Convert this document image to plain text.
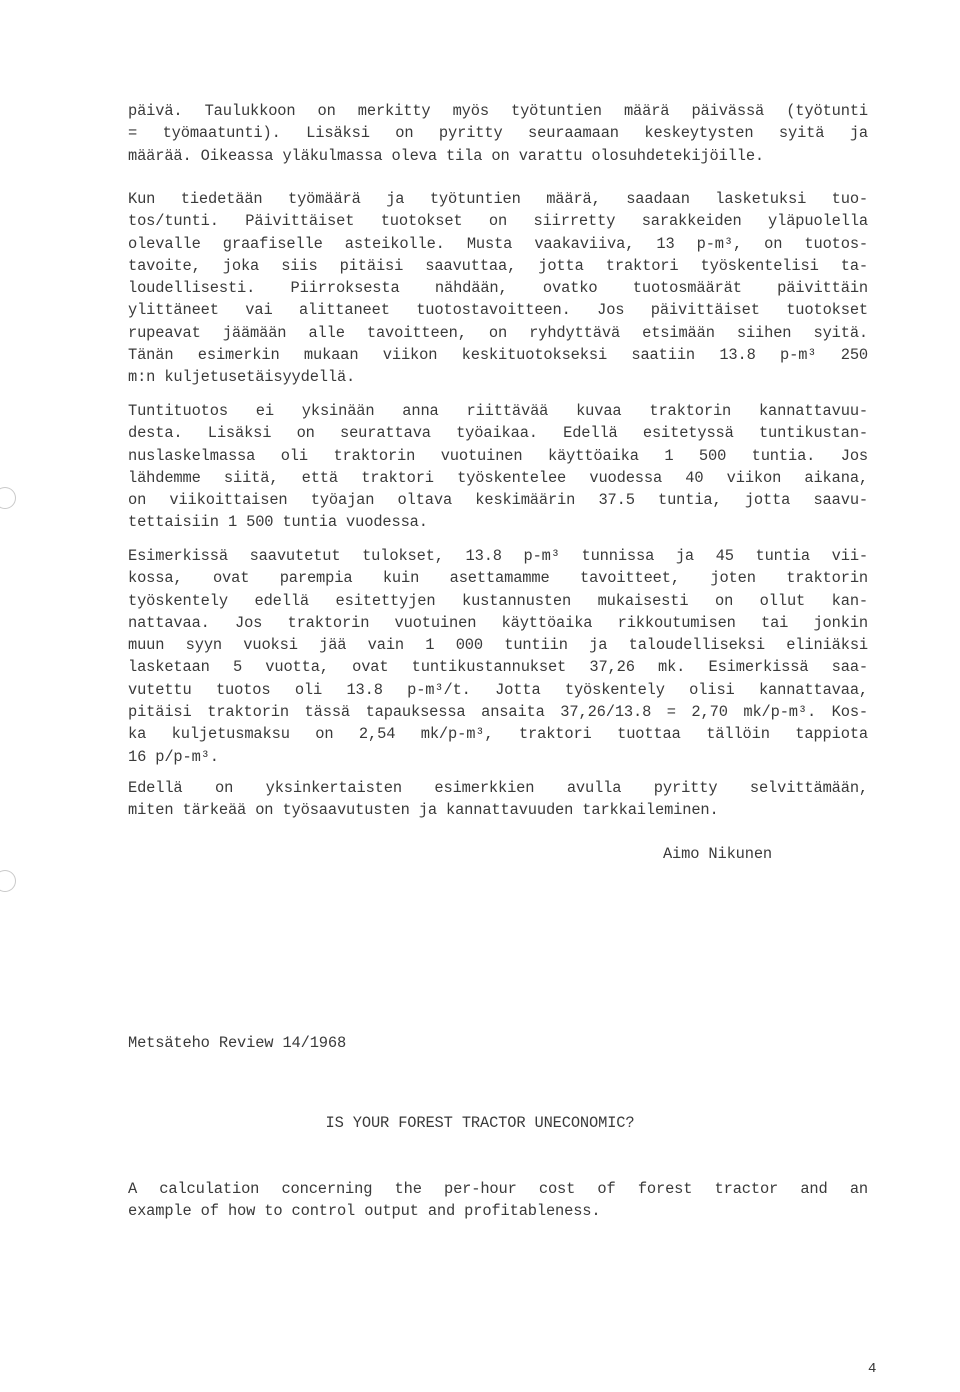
päivä. Taulukkoon on merkitty myös työtuntien määrä päivässä (työtunti
= työmaatunti). Lisäksi on pyritty seuraamaan keskeytysten syitä ja
määrää. Oikeassa yläkulmassa oleva tila on varattu olosuhdetekijöille.
Kun tiedetään työmäärä ja työtuntien määrä, saadaan lasketuksi tuo-
tos/tunti. Päivittäiset tuotokset on siirretty sarakkeiden yläpuolella
olevalle graafiselle asteikolle. Musta vaakaviiva, 13 p-m³, on tuotos-
tavoite, joka siis pitäisi saavuttaa, jotta traktori työskentelisi ta-
loudellisesti. Piirroksesta nähdään, ovatko tuotosmäärät päivittäin
ylittäneet vai alittaneet tuotostavoitteen. Jos päivittäiset tuotokset
rupeavat jäämään alle tavoitteen, on ryhdyttävä etsimään siihen syitä.
Tänän esimerkin mukaan viikon keskituotokseksi saatiin 13.8 p-m³ 250
m:n kuljetusetäisyydellä.
Tuntituotos ei yksinään anna riittävää kuvaa traktorin kannattavuu-
desta. Lisäksi on seurattava työaikaa. Edellä esitetyssä tuntikustan-
nuslaskelmassa oli traktorin vuotuinen käyttöaika 1 500 tuntia. Jos
lähdemme siitä, että traktori työskentelee vuodessa 40 viikon aikana,
on viikoittaisen työajan oltava keskimäärin 37.5 tuntia, jotta saavu-
tettaisiin 1 500 tuntia vuodessa.
Esimerkissä saavutetut tulokset, 13.8 p-m³ tunnissa ja 45 tuntia vii-
kossa, ovat parempia kuin asettamamme tavoitteet, joten traktorin
työskentely edellä esitettyjen kustannusten mukaisesti on ollut kan-
nattavaa. Jos traktorin vuotuinen käyttöaika rikkoutumisen tai jonkin
muun syyn vuoksi jää vain 1 000 tuntiin ja taloudelliseksi eliniäksi
lasketaan 5 vuotta, ovat tuntikustannukset 37,26 mk. Esimerkissä saa-
vutettu tuotos oli 13.8 p-m³/t. Jotta työskentely olisi kannattavaa,
pitäisi traktorin tässä tapauksessa ansaita 37,26/13.8 = 2,70 mk/p-m³. Kos-
ka kuljetusmaksu on 2,54 mk/p-m³, traktori tuottaa tällöin tappiota
16 p/p-m³.
Edellä on yksinkertaisten esimerkkien avulla pyritty selvittämään,
miten tärkeää on työsaavutusten ja kannattavuuden tarkkaileminen.
Aimo Nikunen
Metsäteho Review 14/1968
IS YOUR FOREST TRACTOR UNECONOMIC?
A calculation concerning the per-hour cost of forest tractor and an
example of how to control output and profitableness.
4
